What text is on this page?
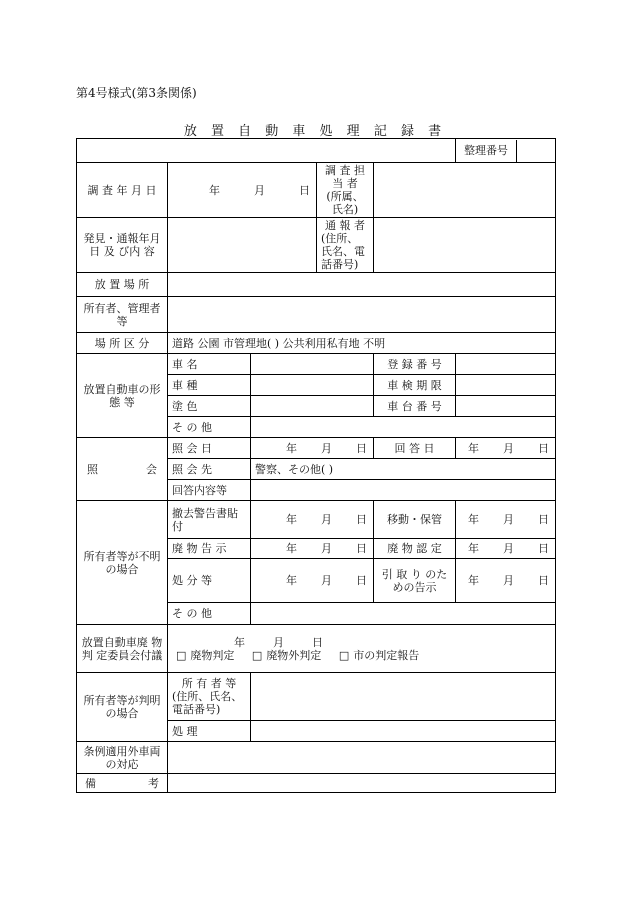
第4号様式(第3条関係)
放 置 自 動 車 処 理 記 録 書

					整理番号

調 査 年 月 日	年 月 日		調 査 担 当 者
(所属、氏名)		

発見・通報年月 日 及 び内 容			通 報 者
(住所、氏名、電話番号)		

放 置 場 所					
所有者、管理者等					
場 所 区 分	道路 公園 市管理地( ) 公共利用私有地 不明				
放置自動車の形 態 等	車 名			登 録 番 号	
	車 種			車 検 期 限	
	塗 色			車 台 番 号	
	そ の 他				

照 会	照 会 日	年 月 日		回 答 日	年 月 日
	照 会 先	警察、その他( )			
	回答内容等				
所有者等が不明の場合	撤去警告書貼 付	年 月 日		移動・保管	年 月 日
	廃 物 告 示	年 月 日		廃 物 認 定	年 月 日
	処 分 等	年 月 日		引 取 り のための告示	年 月 日
	そ の 他				
放置自動車廃 物 判 定委員会付議	年 月 日
□ 廃物判定 □ 廃物外判定 □ 市の判定報告				

所有者等が判明の場合	所 有 者 等
(住所、氏名、電話番号)				

	処 理				
条例適用外車両の対応					

備 考					
